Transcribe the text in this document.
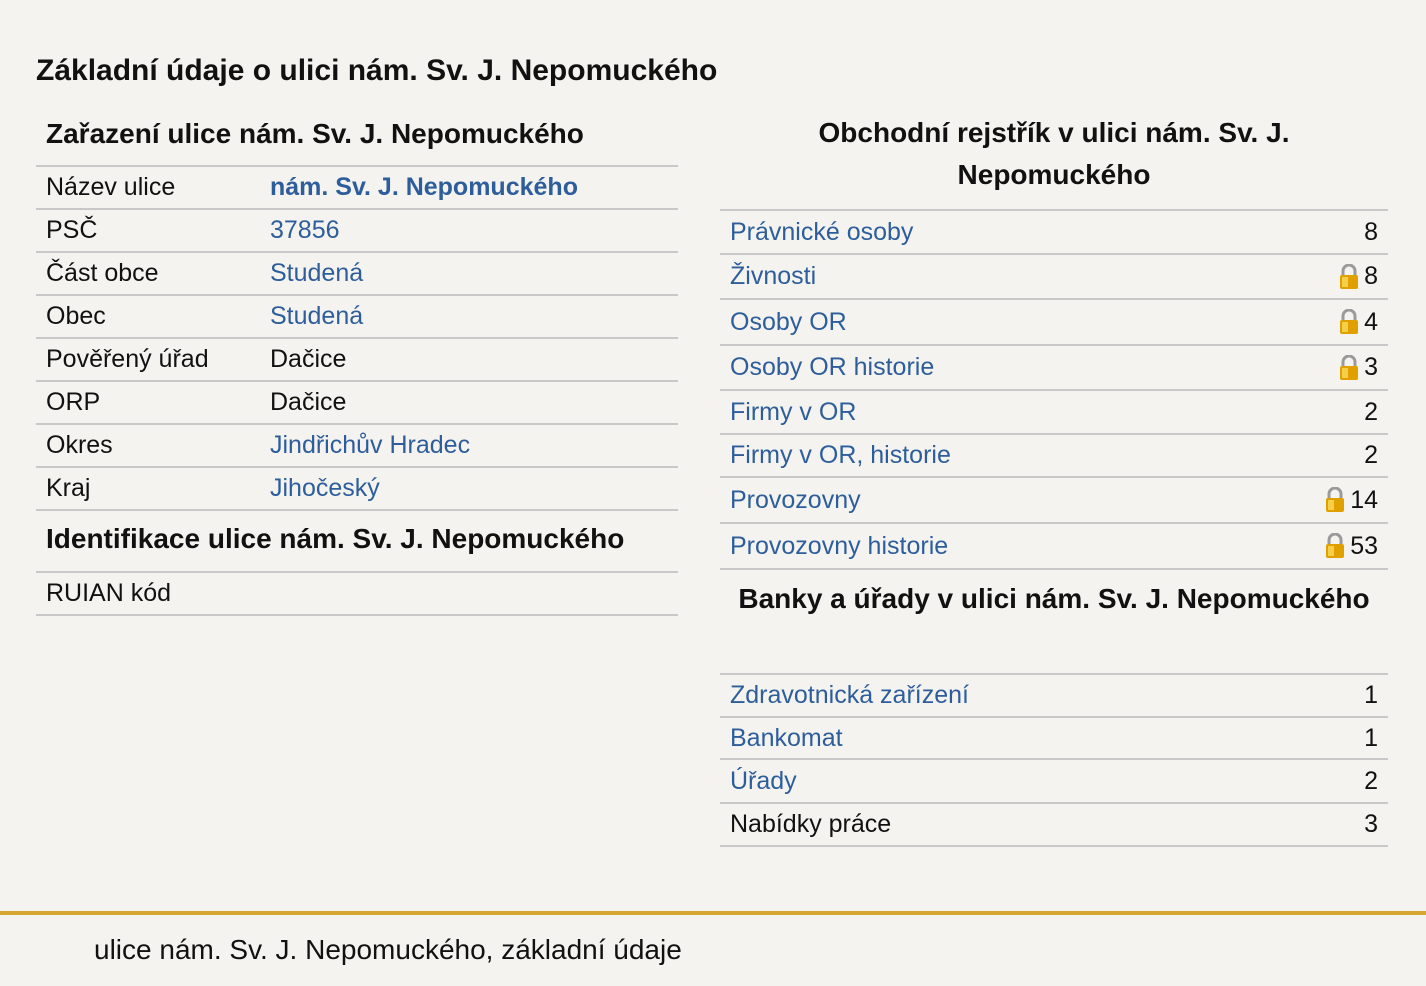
Základní údaje o ulici nám. Sv. J. Nepomuckého
Zařazení ulice nám. Sv. J. Nepomuckého
Název ulice	nám. Sv. J. Nepomuckého
PSČ	37856
Část obce	Studená
Obec	Studená
Pověřený úřad	Dačice
ORP	Dačice
Okres	Jindřichův Hradec
Kraj	Jihočeský
Identifikace ulice nám. Sv. J. Nepomuckého
RUIAN kód
Obchodní rejstřík v ulici nám. Sv. J. Nepomuckého
Právnické osoby	8
Živnosti	8
Osoby OR	4
Osoby OR historie	3
Firmy v OR	2
Firmy v OR, historie	2
Provozovny	14
Provozovny historie	53
Banky a úřady v ulici nám. Sv. J. Nepomuckého
Zdravotnická zařízení	1
Bankomat	1
Úřady	2
Nabídky práce	3
ulice nám. Sv. J. Nepomuckého, základní údaje
